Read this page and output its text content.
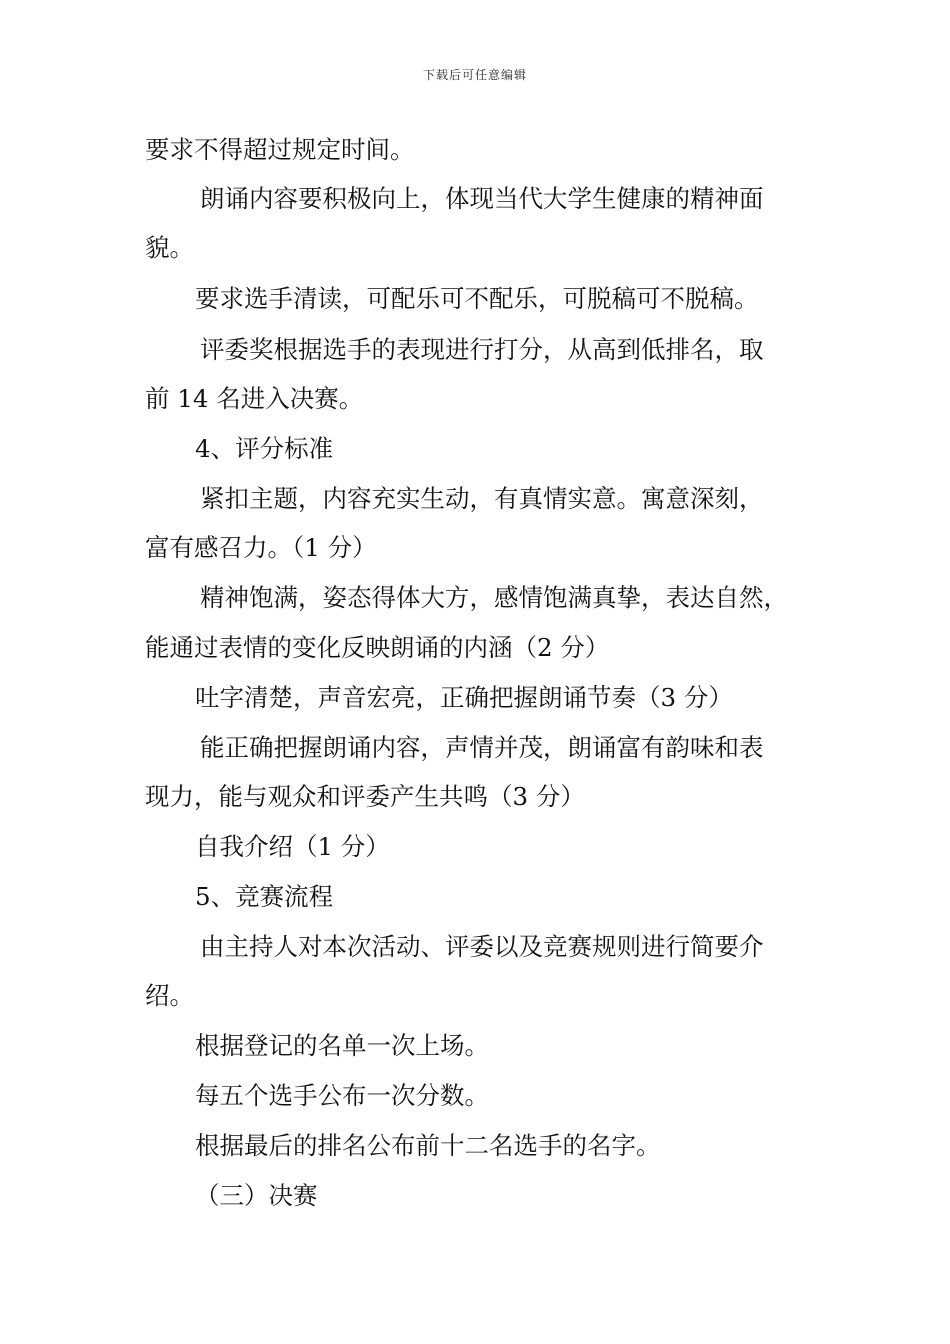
下载后可任意编辑
要求不得超过规定时间。
朗诵内容要积极向上，体现当代大学生健康的精神面
貌。
要求选手清读，可配乐可不配乐，可脱稿可不脱稿。
评委奖根据选手的表现进行打分，从高到低排名，取
前 14 名进入决赛。
4、评分标准
紧扣主题，内容充实生动，有真情实意。寓意深刻，
富有感召力。（1 分）
精神饱满，姿态得体大方，感情饱满真挚，表达自然，
能通过表情的变化反映朗诵的内涵（2 分）
吐字清楚，声音宏亮，正确把握朗诵节奏（3 分）
能正确把握朗诵内容，声情并茂，朗诵富有韵味和表
现力，能与观众和评委产生共鸣（3 分）
自我介绍（1 分）
5、竞赛流程
由主持人对本次活动、评委以及竞赛规则进行简要介
绍。
根据登记的名单一次上场。
每五个选手公布一次分数。
根据最后的排名公布前十二名选手的名字。
（三）决赛
